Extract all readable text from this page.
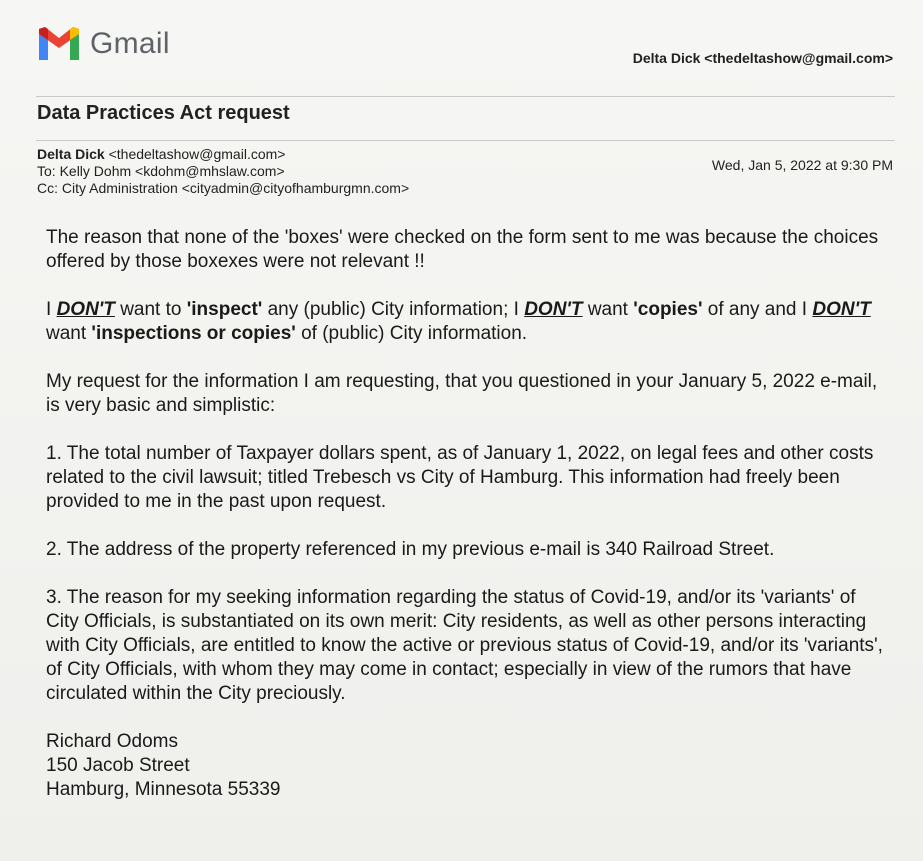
Gmail	Delta Dick <thedeltashow@gmail.com>
Data Practices Act request
Delta Dick <thedeltashow@gmail.com>
To: Kelly Dohm <kdohm@mhslaw.com>
Cc: City Administration <cityadmin@cityofhamburgmn.com>
Wed, Jan 5, 2022 at 9:30 PM

The reason that none of the 'boxes' were checked on the form sent to me was because the choices offered by those boxexes were not relevant !!

I DON'T want to 'inspect' any (public) City information; I DON'T want 'copies' of any and I DON'T want 'inspections or copies' of (public) City information.

My request for the information I am requesting, that you questioned in your January 5, 2022 e-mail, is very basic and simplistic:

1. The total number of Taxpayer dollars spent, as of January 1, 2022, on legal fees and other costs related to the civil lawsuit; titled Trebesch vs City of Hamburg. This information had freely been provided to me in the past upon request.

2. The address of the property referenced in my previous e-mail is 340 Railroad Street.

3. The reason for my seeking information regarding the status of Covid-19, and/or its 'variants' of City Officials, is substantiated on its own merit: City residents, as well as other persons interacting with City Officials, are entitled to know the active or previous status of Covid-19, and/or its 'variants', of City Officials, with whom they may come in contact; especially in view of the rumors that have circulated within the City preciously.

Richard Odoms

150 Jacob Street

Hamburg, Minnesota 55339
